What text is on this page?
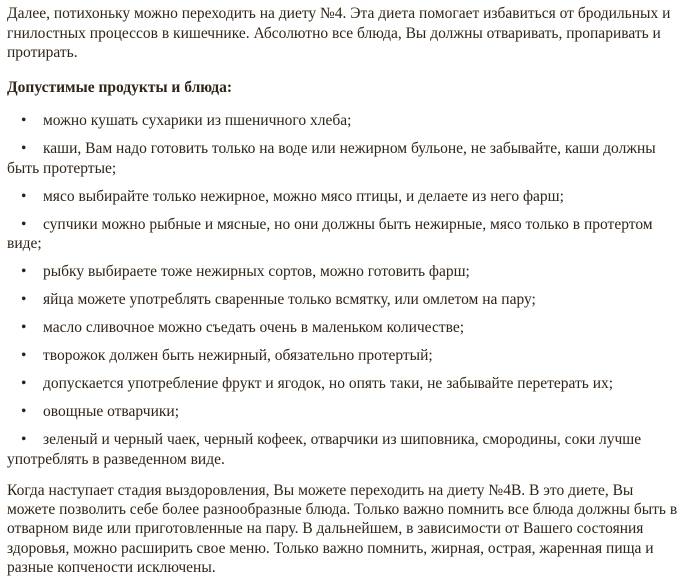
Далее, потихоньку можно переходить на диету №4. Эта диета помогает избавиться от бродильных и гнилостных процессов в кишечнике. Абсолютно все блюда, Вы должны отваривать, пропаривать и протирать.

Допустимые продукты и блюда:

• можно кушать сухарики из пшеничного хлеба;
• каши, Вам надо готовить только на воде или нежирном бульоне, не забывайте, каши должны быть протертые;
• мясо выбирайте только нежирное, можно мясо птицы, и делаете из него фарш;
• супчики можно рыбные и мясные, но они должны быть нежирные, мясо только в протертом виде;
• рыбку выбираете тоже нежирных сортов, можно готовить фарш;
• яйца можете употреблять сваренные только всмятку, или омлетом на пару;
• масло сливочное можно съедать очень в маленьком количестве;
• творожок должен быть нежирный, обязательно протертый;
• допускается употребление фрукт и ягодок, но опять таки, не забывайте перетерать их;
• овощные отварчики;
• зеленый и черный чаек, черный кофеек, отварчики из шиповника, смородины, соки лучше употреблять в разведенном виде.

Когда наступает стадия выздоровления, Вы можете переходить на диету №4В. В это диете, Вы можете позволить себе более разнообразные блюда. Только важно помнить все блюда должны быть в отварном виде или приготовленные на пару. В дальнейшем, в зависимости от Вашего состояния здоровья, можно расширить свое меню. Только важно помнить, жирная, острая, жаренная пища и разные копчености исключены.
